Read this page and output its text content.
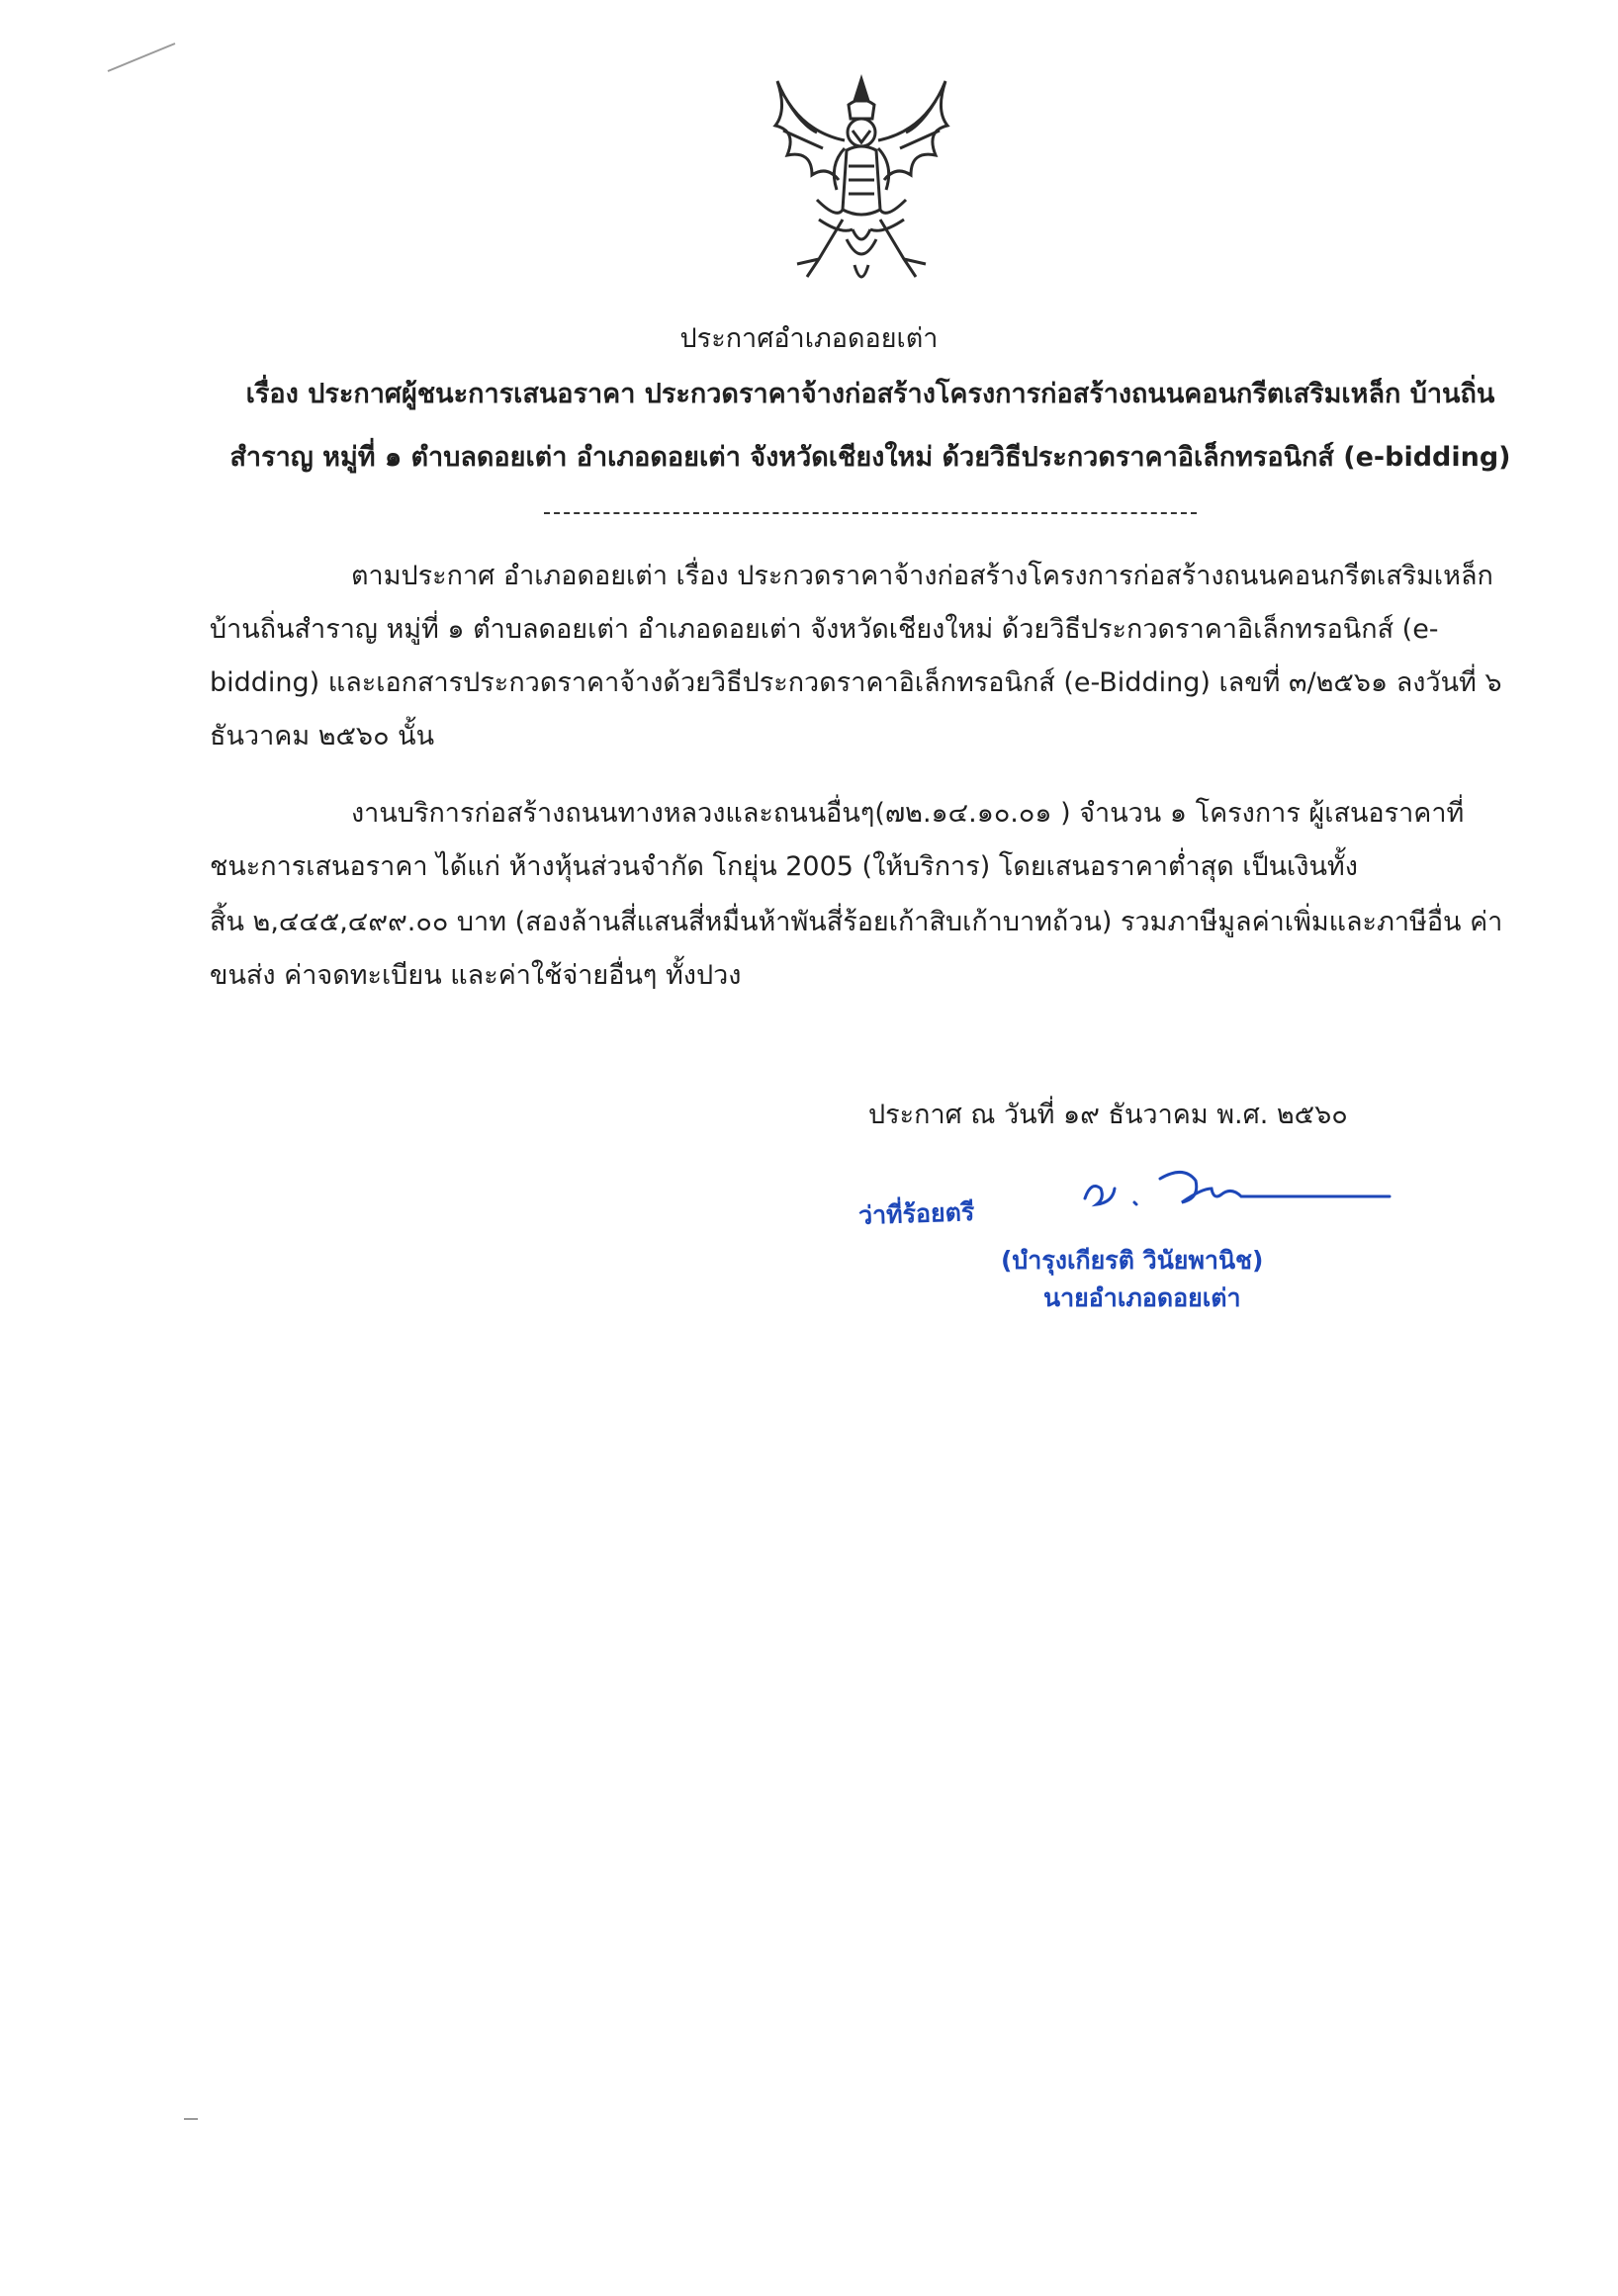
ประกาศอำเภอดอยเต่า
เรื่อง ประกาศผู้ชนะการเสนอราคา ประกวดราคาจ้างก่อสร้างโครงการก่อสร้างถนนคอนกรีตเสริมเหล็ก บ้านถิ่น
สำราญ หมู่ที่ ๑ ตำบลดอยเต่า อำเภอดอยเต่า จังหวัดเชียงใหม่ ด้วยวิธีประกวดราคาอิเล็กทรอนิกส์ (e-bidding)
ตามประกาศ อำเภอดอยเต่า เรื่อง ประกวดราคาจ้างก่อสร้างโครงการก่อสร้างถนนคอนกรีตเสริมเหล็ก
บ้านถิ่นสำราญ หมู่ที่ ๑ ตำบลดอยเต่า อำเภอดอยเต่า จังหวัดเชียงใหม่ ด้วยวิธีประกวดราคาอิเล็กทรอนิกส์ (e-
bidding) และเอกสารประกวดราคาจ้างด้วยวิธีประกวดราคาอิเล็กทรอนิกส์ (e-Bidding) เลขที่ ๓/๒๕๖๑ ลงวันที่ ๖
ธันวาคม ๒๕๖๐ นั้น
งานบริการก่อสร้างถนนทางหลวงและถนนอื่นๆ(๗๒.๑๔.๑๐.๐๑ ) จำนวน ๑ โครงการ ผู้เสนอราคาที่
ชนะการเสนอราคา ได้แก่ ห้างหุ้นส่วนจำกัด โกยุ่น 2005 (ให้บริการ) โดยเสนอราคาต่ำสุด เป็นเงินทั้ง
สิ้น ๒,๔๔๕,๔๙๙.๐๐ บาท (สองล้านสี่แสนสี่หมื่นห้าพันสี่ร้อยเก้าสิบเก้าบาทถ้วน) รวมภาษีมูลค่าเพิ่มและภาษีอื่น ค่า
ขนส่ง ค่าจดทะเบียน และค่าใช้จ่ายอื่นๆ ทั้งปวง
ประกาศ ณ วันที่ ๑๙ ธันวาคม พ.ศ. ๒๕๖๐
ว่าที่ร้อยตรี
(บำรุงเกียรติ วินัยพานิช)
นายอำเภอดอยเต่า
